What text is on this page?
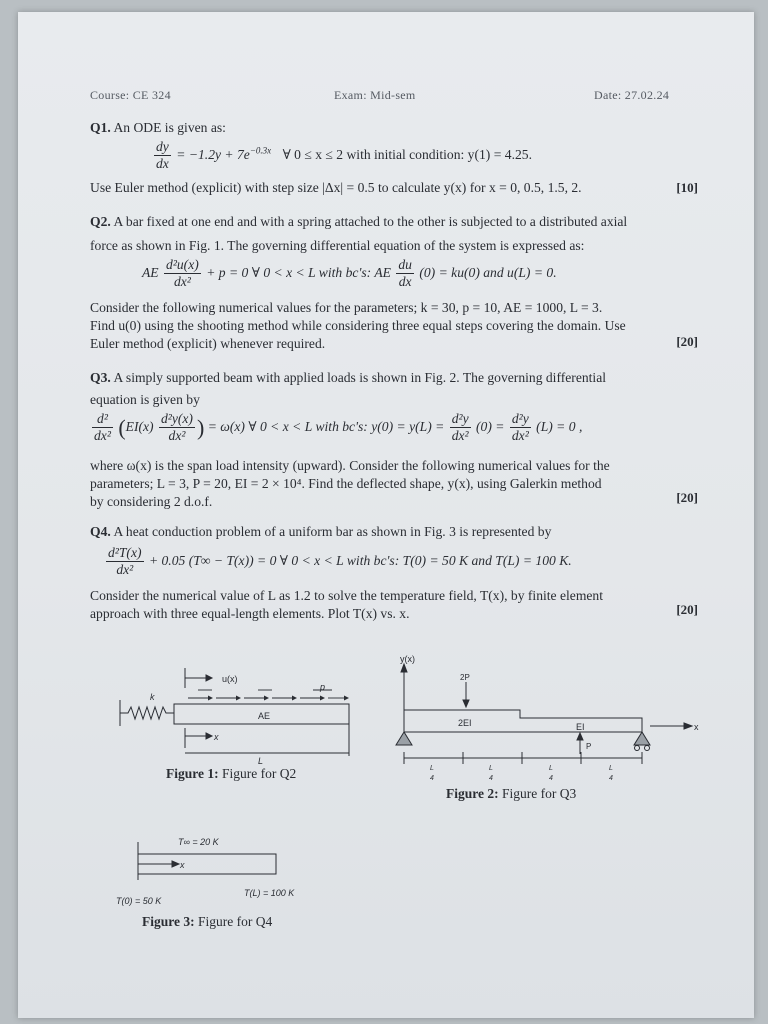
Course: CE 324	Exam: Mid-sem	Date: 27.02.24
Q1. An ODE is given as:
$\frac{dy}{dx} = -1.2y + 7e^{-0.3x}$ ∀ 0 ≤ x ≤ 2 with initial condition: y(1) = 4.25.
Use Euler method (explicit) with step size |Δx| = 0.5 to calculate y(x) for x = 0, 0.5, 1.5, 2.	[10]
Q2. A bar fixed at one end and with a spring attached to the other is subjected to a distributed axial
force as shown in Fig. 1. The governing differential equation of the system is expressed as:
AE $\frac{\text{d²u(x)}}{\text{dx²}} + p = 0$ ∀ 0 < x < L with bc's: AE $\frac{du}{dx} (0) = ku(0)$ and u(L) = 0.
Consider the following numerical values for the parameters; k = 30, p = 10, AE = 1000, L = 3.
Find u(0) using the shooting method while considering three equal steps covering the domain. Use
Euler method (explicit) whenever required.	[20]
Q3. A simply supported beam with applied loads is shown in Fig. 2. The governing differential
equation is given by
$\frac{\text{d²}}{\text{dx²}} (EI(x) \frac{\text{d²y(x)}}{\text{dx²}}$ ) = ω(x) ∀ 0 < x < L with bc's: $y(0) = y(L) = \frac{\text{d²y}}{\text{dx²}} (0) = \frac{\text{d²y}}{\text{dx²}} (L) = 0$ ,
where ω(x) is the span load intensity (upward). Consider the following numerical values for the
parameters; L = 3, P = 20, EI = 2 × 10⁴. Find the deflected shape, y(x), using Galerkin method
by considering 2 d.o.f.	[20]
Q4. A heat conduction problem of a uniform bar as shown in Fig. 3 is represented by
$\frac{\text{d²T(x)}}{\text{dx²}} + 0.05$ (T∞ − T(x)) = 0 ∀ 0 < x < L with bc's: T(0) = 50 K and T(L) = 100 K.
Consider the numerical value of L as 1.2 to solve the temperature field, T(x), by finite element
approach with three equal-length elements. Plot T(x) vs. x.	[20]
u(x)
k
p
AE
x
L
Figure 1: Figure for Q2
y(x)
2P
2EI	EI	x
P
L
4
L
4
L
4
L
4
Figure 2: Figure for Q3
T∞ = 20 K
x
T(0) = 50 K
T(L) = 100 K
Figure 3: Figure for Q4
